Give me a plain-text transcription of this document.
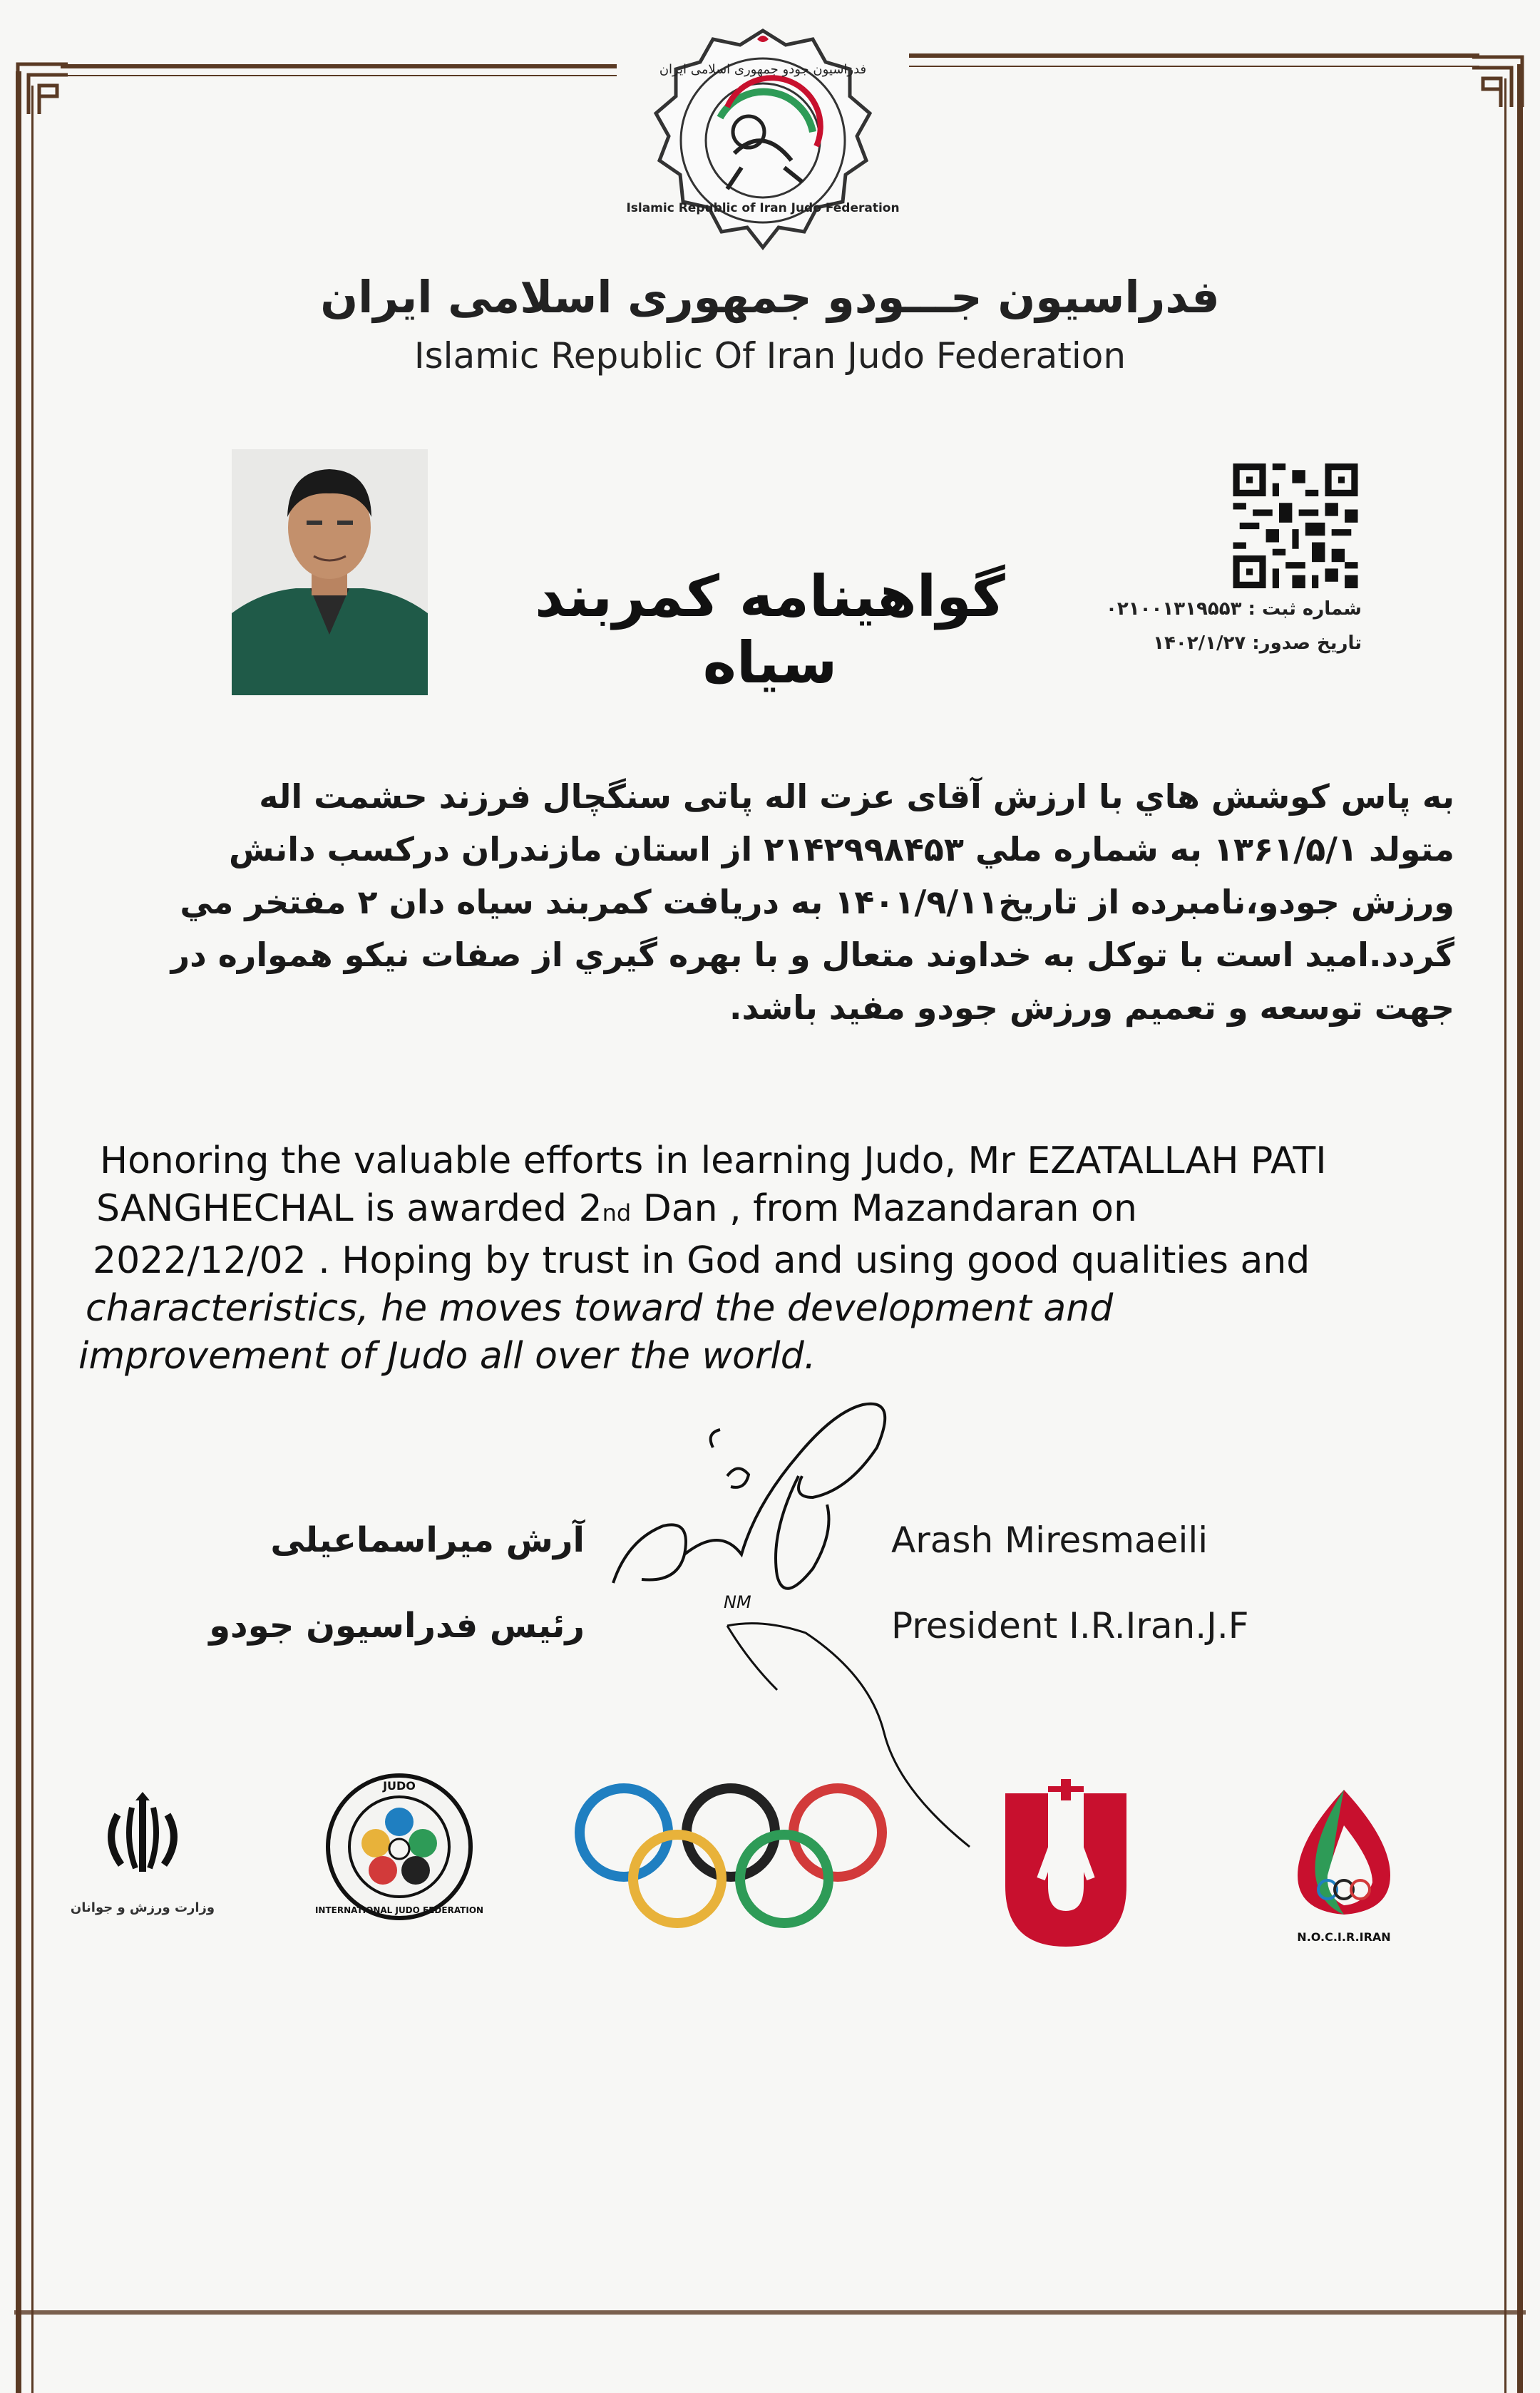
فدراسیون جودو جمهوری اسلامی ایران
Islamic Republic of Iran Judo Federation
فدراسیون جـــودو جمهوری اسلامی ایران
Islamic Republic Of Iran Judo Federation
گواهینامه کمربند سیاه
شماره ثبت : ۰۲۱۰۰۱۳۱۹۵۵۳
تاریخ صدور: ۱۴۰۲/۱/۲۷
به پاس کوشش هاي با ارزش آقای عزت اله پاتی سنگچال فرزند حشمت اله
متولد ۱۳۶۱/۵/۱ به شماره ملي ۲۱۴۲۹۹۸۴۵۳ از استان مازندران درکسب دانش
ورزش جودو،نامبرده از تاریخ۱۴۰۱/۹/۱۱ به دریافت کمربند سیاه دان ۲ مفتخر مي
گردد.امید است با توکل به خداوند متعال و با بهره گيري از صفات نيكو همواره در
جهت توسعه و تعميم ورزش جودو مفيد باشد.
Honoring the valuable efforts in learning Judo, Mr EZATALLAH PATI
SANGHECHAL is awarded 2nd Dan , from Mazandaran on
2022/12/02 . Hoping by trust in God and using good qualities and
characteristics, he moves toward the development and
improvement of Judo all over the world.
آرش میراسماعیلی
رئیس فدراسیون جودو
Arash Miresmaeili
President I.R.Iran.J.F
NM
وزارت ورزش و جوانان
JUDO
INTERNATIONAL JUDO FEDERATION
N.O.C.I.R.IRAN
